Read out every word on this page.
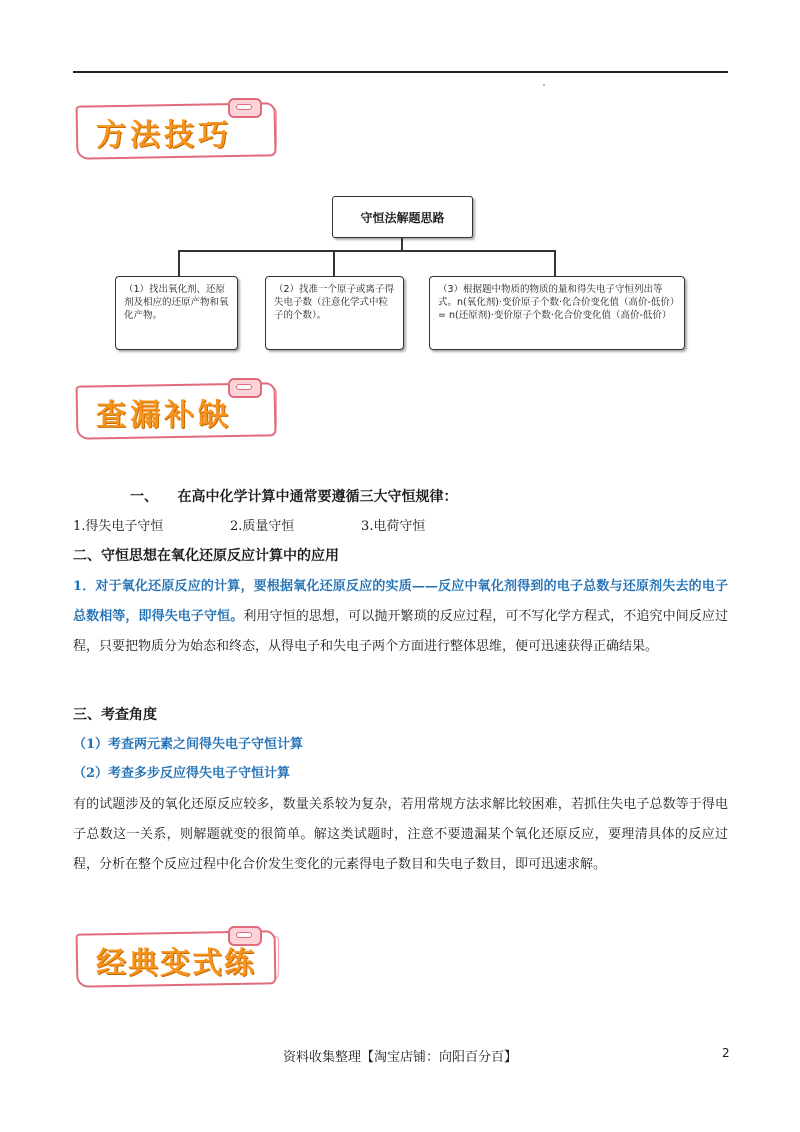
方法技巧
守恒法解题思路
（1）找出氧化剂、还原剂及相应的还原产物和氧化产物。
（2）找准一个原子或离子得失电子数（注意化学式中粒子的个数）。
（3）根据题中物质的物质的量和得失电子守恒列出等式。n(氧化剂)·变价原子个数·化合价变化值（高价-低价）= n(还原剂)·变价原子个数·化合价变化值（高价-低价）
查漏补缺
一、    在高中化学计算中通常要遵循三大守恒规律：
1.得失电子守恒	2.质量守恒	3.电荷守恒
二、守恒思想在氧化还原反应计算中的应用
1．对于氧化还原反应的计算，要根据氧化还原反应的实质——反应中氧化剂得到的电子总数与还原剂失去的电子总数相等，即得失电子守恒。利用守恒的思想，可以抛开繁琐的反应过程，可不写化学方程式，不追究中间反应过程，只要把物质分为始态和终态，从得电子和失电子两个方面进行整体思维，便可迅速获得正确结果。
三、考查角度
（1）考查两元素之间得失电子守恒计算
（2）考查多步反应得失电子守恒计算
有的试题涉及的氧化还原反应较多，数量关系较为复杂，若用常规方法求解比较困难，若抓住失电子总数等于得电子总数这一关系，则解题就变的很简单。解这类试题时，注意不要遗漏某个氧化还原反应，要理清具体的反应过程，分析在整个反应过程中化合价发生变化的元素得电子数目和失电子数目，即可迅速求解。
经典变式练
资料收集整理【淘宝店铺：向阳百分百】	2
